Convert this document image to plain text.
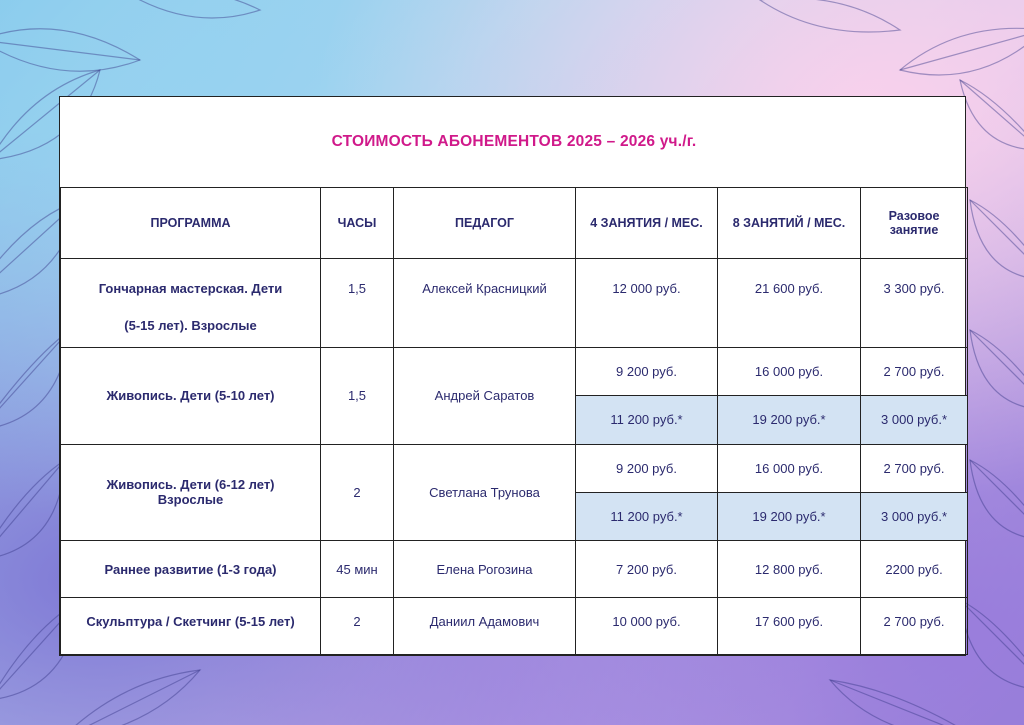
СТОИМОСТЬ АБОНЕМЕНТОВ 2025 – 2026 уч./г.					
ПРОГРАММА	ЧАСЫ	ПЕДАГОГ	4 ЗАНЯТИЯ / МЕС.	8 ЗАНЯТИЙ / МЕС.	Разовое занятие
Гончарная мастерская. Дети
(5-15 лет). Взрослые	1,5	Алексей Красницкий	12 000 руб.	21 600 руб.	3 300 руб.
Живопись. Дети (5-10 лет)	1,5	Андрей Саратов	9 200 руб.	16 000 руб.	2 700 руб.
			11 200 руб.*	19 200 руб.*	3 000 руб.*
Живопись. Дети (6-12 лет)
Взрослые	2	Светлана Трунова	9 200 руб.	16 000 руб.	2 700 руб.
			11 200 руб.*	19 200 руб.*	3 000 руб.*
Раннее развитие (1-3 года)	45 мин	Елена Рогозина	7 200 руб.	12 800 руб.	2200 руб.
Скульптура / Скетчинг (5-15 лет)	2	Даниил Адамович	10 000 руб.	17 600 руб.	2 700 руб.
